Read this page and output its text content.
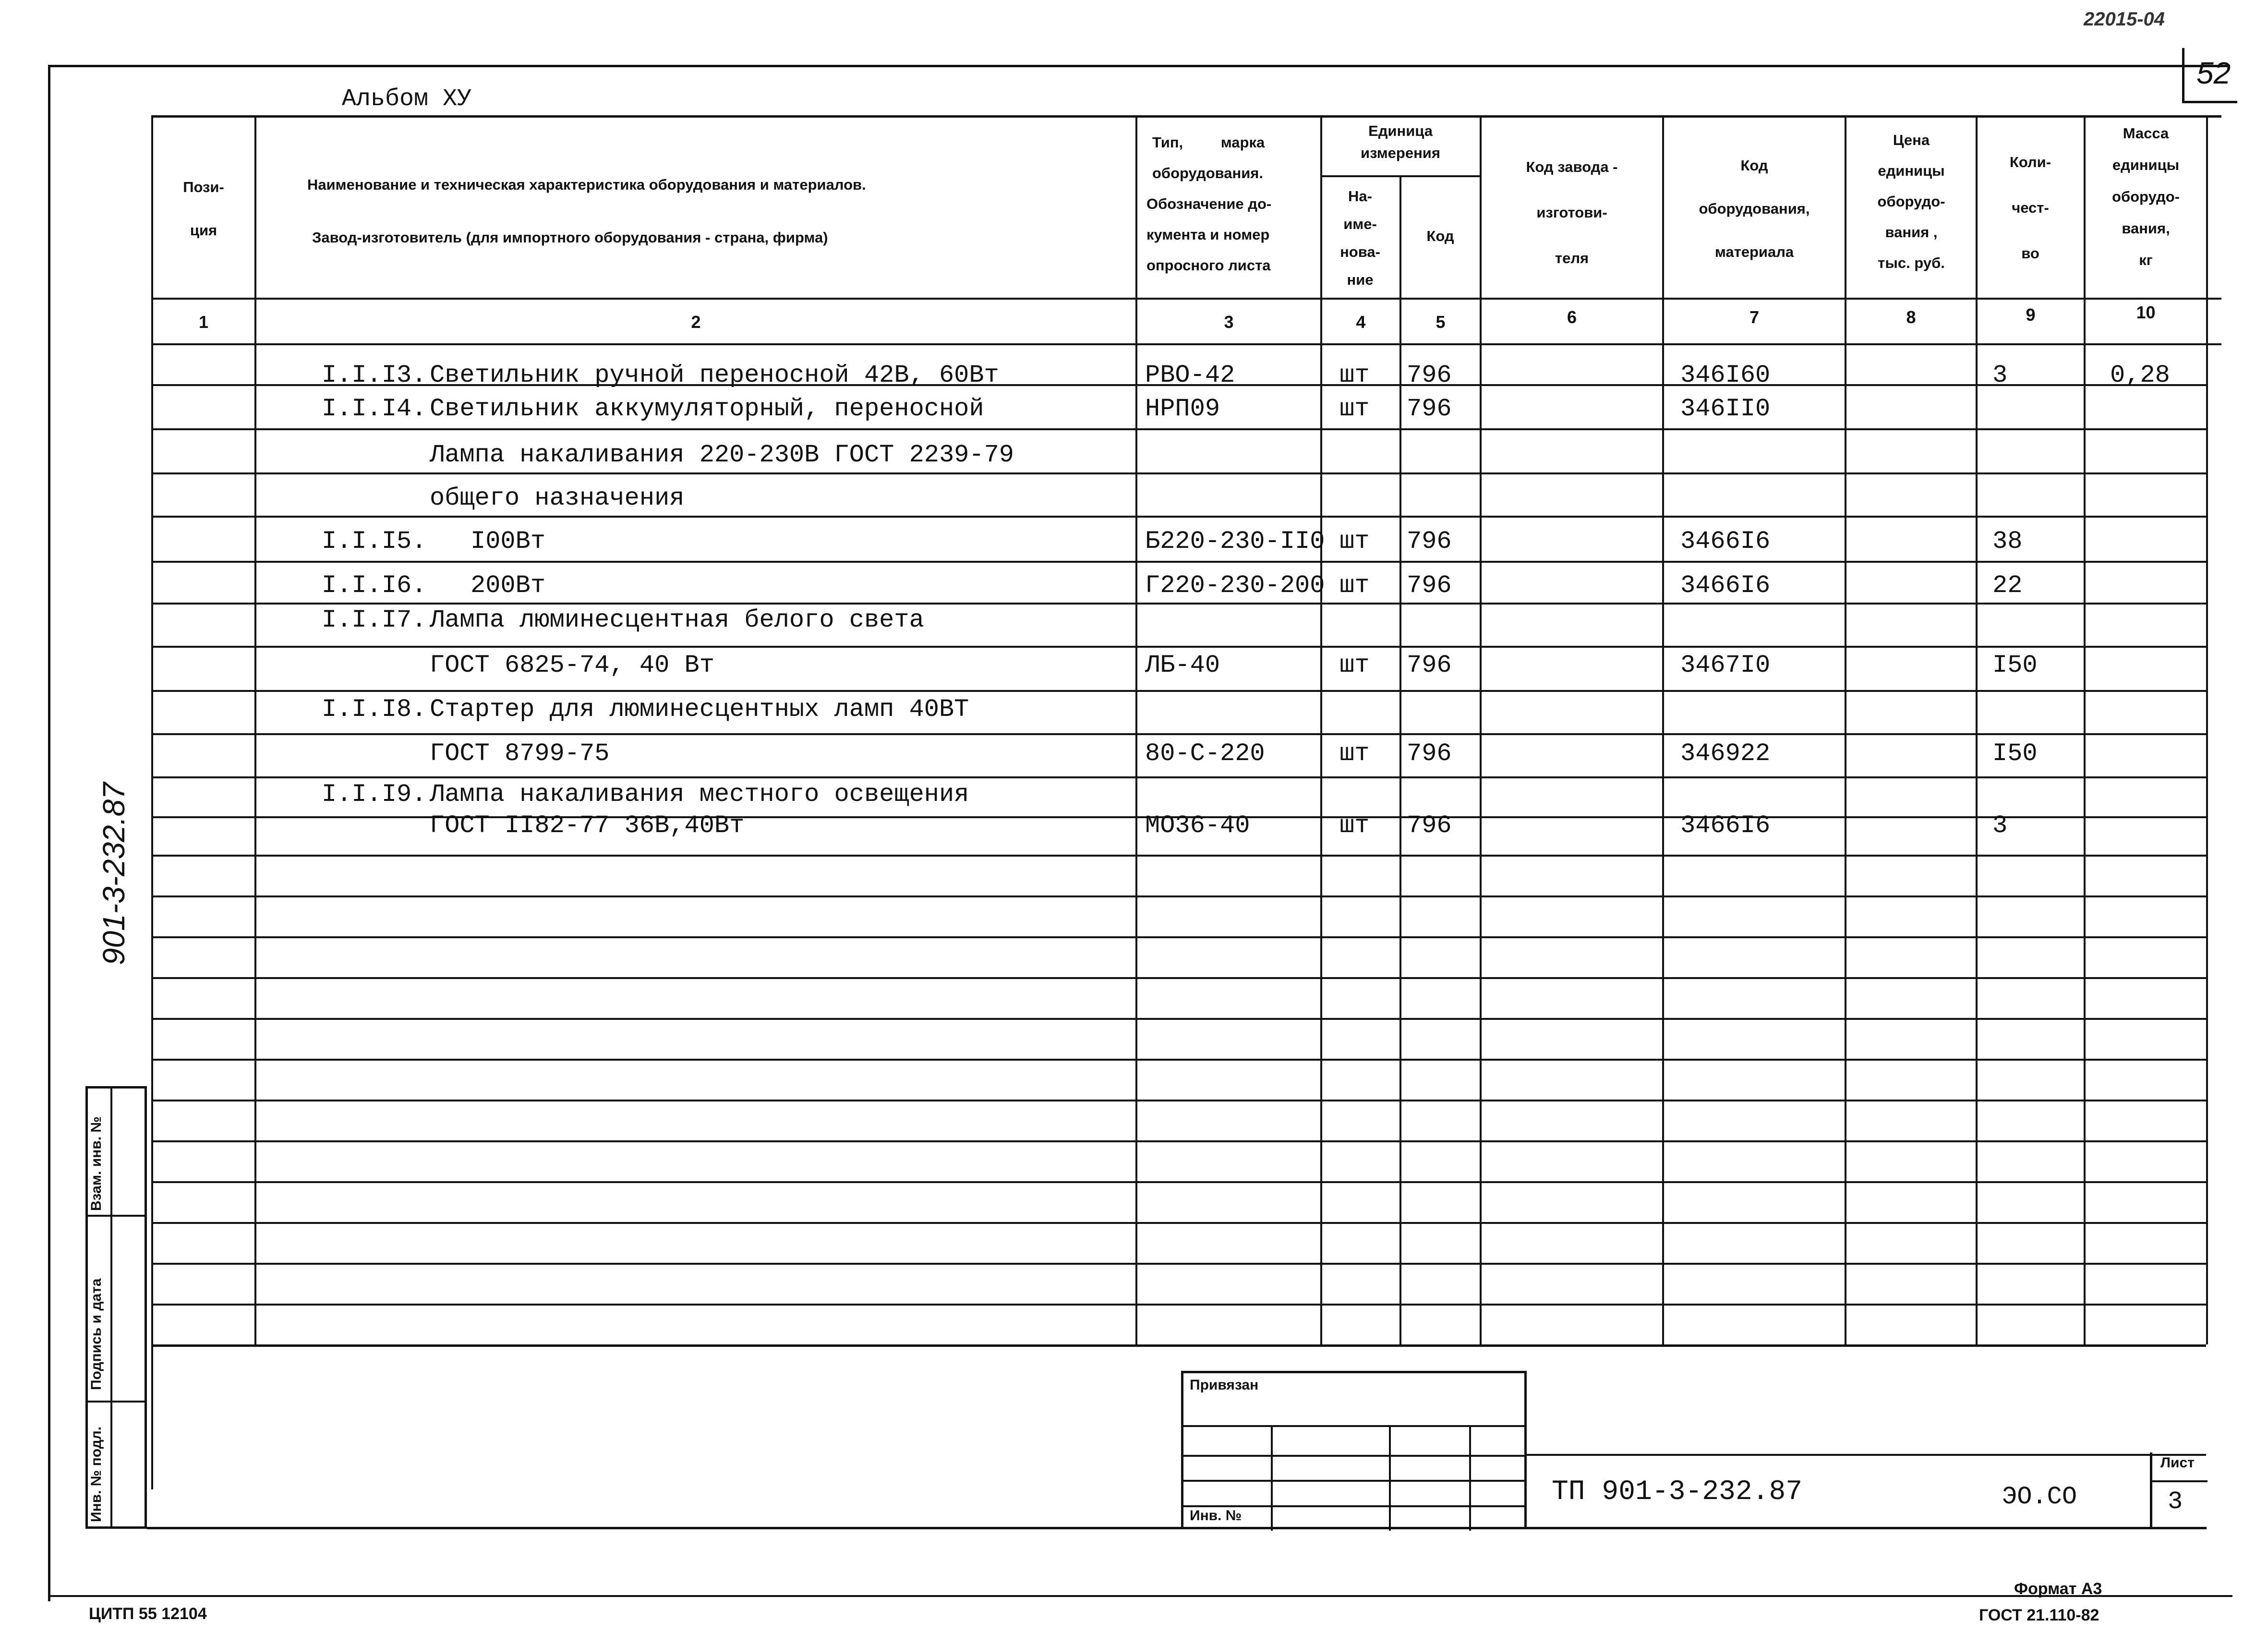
22015-04
52
Альбом ХУ
901-3-232.87
Пози-
ция
Наименование и техническая характеристика оборудования и материалов.
Завод-изготовитель (для импортного оборудования - страна, фирма)
Тип, марка
оборудования.
Обозначение до-
кумента и номер
опросного листа
Единица
измерения
На-
име-
нова-
ние
Код
Код завода -
изготови-
теля
Код
оборудования,
материала
Цена
единицы
оборудо-
вания ,
тыс. руб.
Коли-
чест-
во
Масса
единицы
оборудо-
вания,
кг
1	2	3	4	5	6	7	8	9	10
I.I.I3. Светильник ручной переносной 42В, 60Вт	РВО-42	шт 796	346I60	3	0,28
I.I.I4. Светильник аккумуляторный, переносной	НРП09	шт 796	346II0
Лампа накаливания 220-230В ГОСТ 2239-79
общего назначения
I.I.I5. I00Вт	Б220-230-II0 шт 796	3466I6	38
I.I.I6. 200Вт	Г220-230-200 шт 796	3466I6	22
I.I.I7. Лампа люминесцентная белого света
ГОСТ 6825-74, 40 Вт	ЛБ-40	шт 796	3467I0	I50
I.I.I8. Стартер для люминесцентных ламп 40ВТ
ГОСТ 8799-75	80-С-220	шт 796	346922	I50
I.I.I9. Лампа накаливания местного освещения
ГОСТ II82-77 36В,40Вт	МО36-40	шт 796	3466I6	3
Взам. инв. №
Подпись и дата
Инв. № подл.
Привязан
Инв. №
ТП 901-3-232.87	ЭО.СО
Лист
3
ЦИТП 55 12104
Формат А3
ГОСТ 21.110-82
